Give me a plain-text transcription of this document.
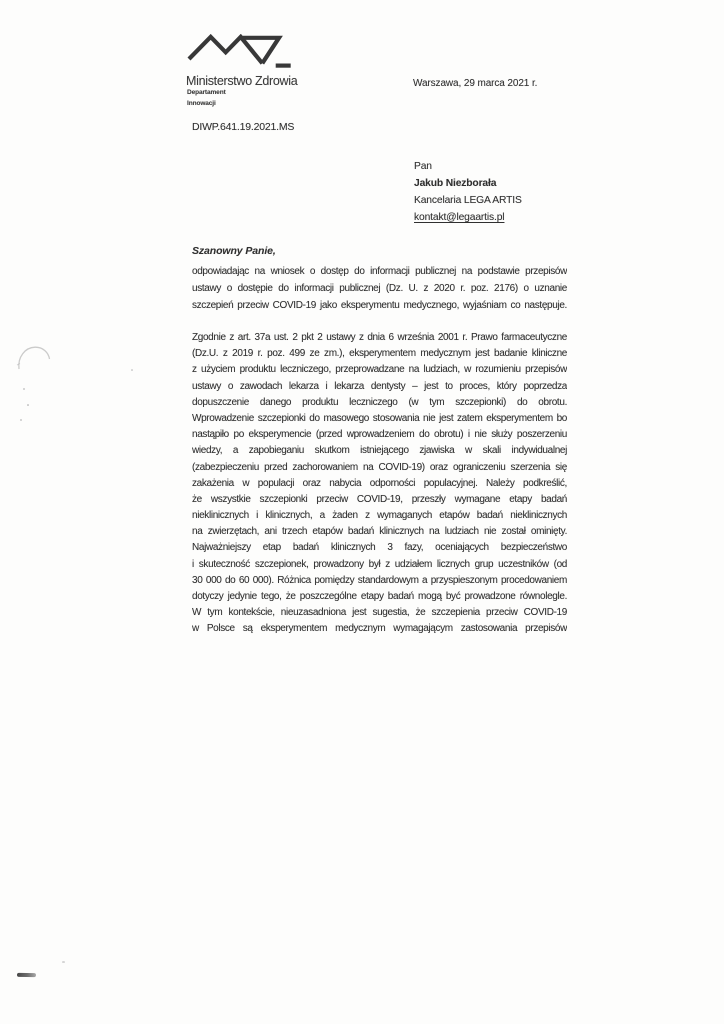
Ministerstwo Zdrowia
Departament
Innowacji
Warszawa, 29 marca 2021 r.
DIWP.641.19.2021.MS
Pan
Jakub Niezborała
Kancelaria LEGA ARTIS
kontakt@legaartis.pl
Szanowny Panie,
odpowiadając na wniosek o dostęp do informacji publicznej na podstawie przepisów
ustawy o dostępie do informacji publicznej (Dz. U. z 2020 r. poz. 2176) o uznanie
szczepień przeciw COVID-19 jako eksperymentu medycznego, wyjaśniam co następuje.
Zgodnie z art. 37a ust. 2 pkt 2 ustawy z dnia 6 września 2001 r. Prawo farmaceutyczne
(Dz.U. z 2019 r. poz. 499 ze zm.), eksperymentem medycznym jest badanie kliniczne
z użyciem produktu leczniczego, przeprowadzane na ludziach, w rozumieniu przepisów
ustawy o zawodach lekarza i lekarza dentysty – jest to proces, który poprzedza
dopuszczenie danego produktu leczniczego (w tym szczepionki) do obrotu.
Wprowadzenie szczepionki do masowego stosowania nie jest zatem eksperymentem bo
nastąpiło po eksperymencie (przed wprowadzeniem do obrotu) i nie służy poszerzeniu
wiedzy, a zapobieganiu skutkom istniejącego zjawiska w skali indywidualnej
(zabezpieczeniu przed zachorowaniem na COVID-19) oraz ograniczeniu szerzenia się
zakażenia w populacji oraz nabycia odporności populacyjnej. Należy podkreślić,
że wszystkie szczepionki przeciw COVID-19, przeszły wymagane etapy badań
nieklinicznych i klinicznych, a żaden z wymaganych etapów badań nieklinicznych
na zwierzętach, ani trzech etapów badań klinicznych na ludziach nie został ominięty.
Najważniejszy etap badań klinicznych 3 fazy, oceniających bezpieczeństwo
i skuteczność szczepionek, prowadzony był z udziałem licznych grup uczestników (od
30 000 do 60 000). Różnica pomiędzy standardowym a przyspieszonym procedowaniem
dotyczy jedynie tego, że poszczególne etapy badań mogą być prowadzone równolegle.
W tym kontekście, nieuzasadniona jest sugestia, że szczepienia przeciw COVID-19
w Polsce są eksperymentem medycznym wymagającym zastosowania przepisów
